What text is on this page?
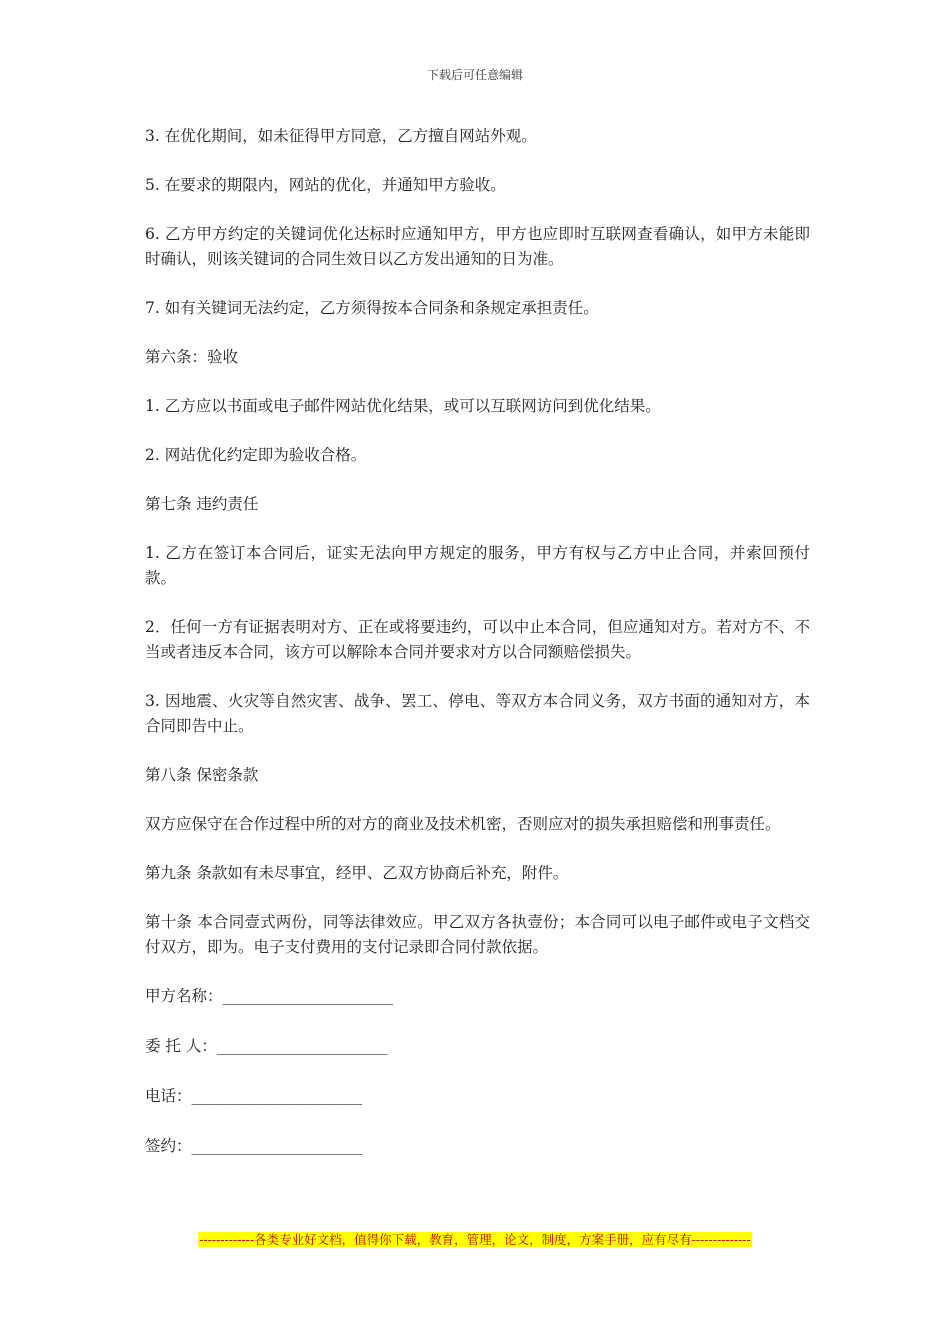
下载后可任意编辑

3. 在优化期间，如未征得甲方同意，乙方擅自网站外观。

5. 在要求的期限内，网站的优化，并通知甲方验收。

6. 乙方甲方约定的关键词优化达标时应通知甲方，甲方也应即时互联网查看确认，如甲方未能即时确认，则该关键词的合同生效日以乙方发出通知的日为准。

7. 如有关键词无法约定，乙方须得按本合同条和条规定承担责任。

第六条：验收

1. 乙方应以书面或电子邮件网站优化结果，或可以互联网访问到优化结果。

2. 网站优化约定即为验收合格。

第七条 违约责任

1. 乙方在签订本合同后，证实无法向甲方规定的服务，甲方有权与乙方中止合同，并索回预付款。

2．任何一方有证据表明对方、正在或将要违约，可以中止本合同，但应通知对方。若对方不、不当或者违反本合同，该方可以解除本合同并要求对方以合同额赔偿损失。

3. 因地震、火灾等自然灾害、战争、罢工、停电、等双方本合同义务，双方书面的通知对方，本合同即告中止。

第八条 保密条款

双方应保守在合作过程中所的对方的商业及技术机密，否则应对的损失承担赔偿和刑事责任。

第九条 条款如有未尽事宜，经甲、乙双方协商后补充，附件。

第十条 本合同壹式两份，同等法律效应。甲乙双方各执壹份；本合同可以电子邮件或电子文档交付双方，即为。电子支付费用的支付记录即合同付款依据。

甲方名称：______________________
委 托 人：______________________
电话：______________________
签约：______________________
-------------各类专业好文档，值得你下载，教育，管理，论文，制度，方案手册，应有尽有--------------
